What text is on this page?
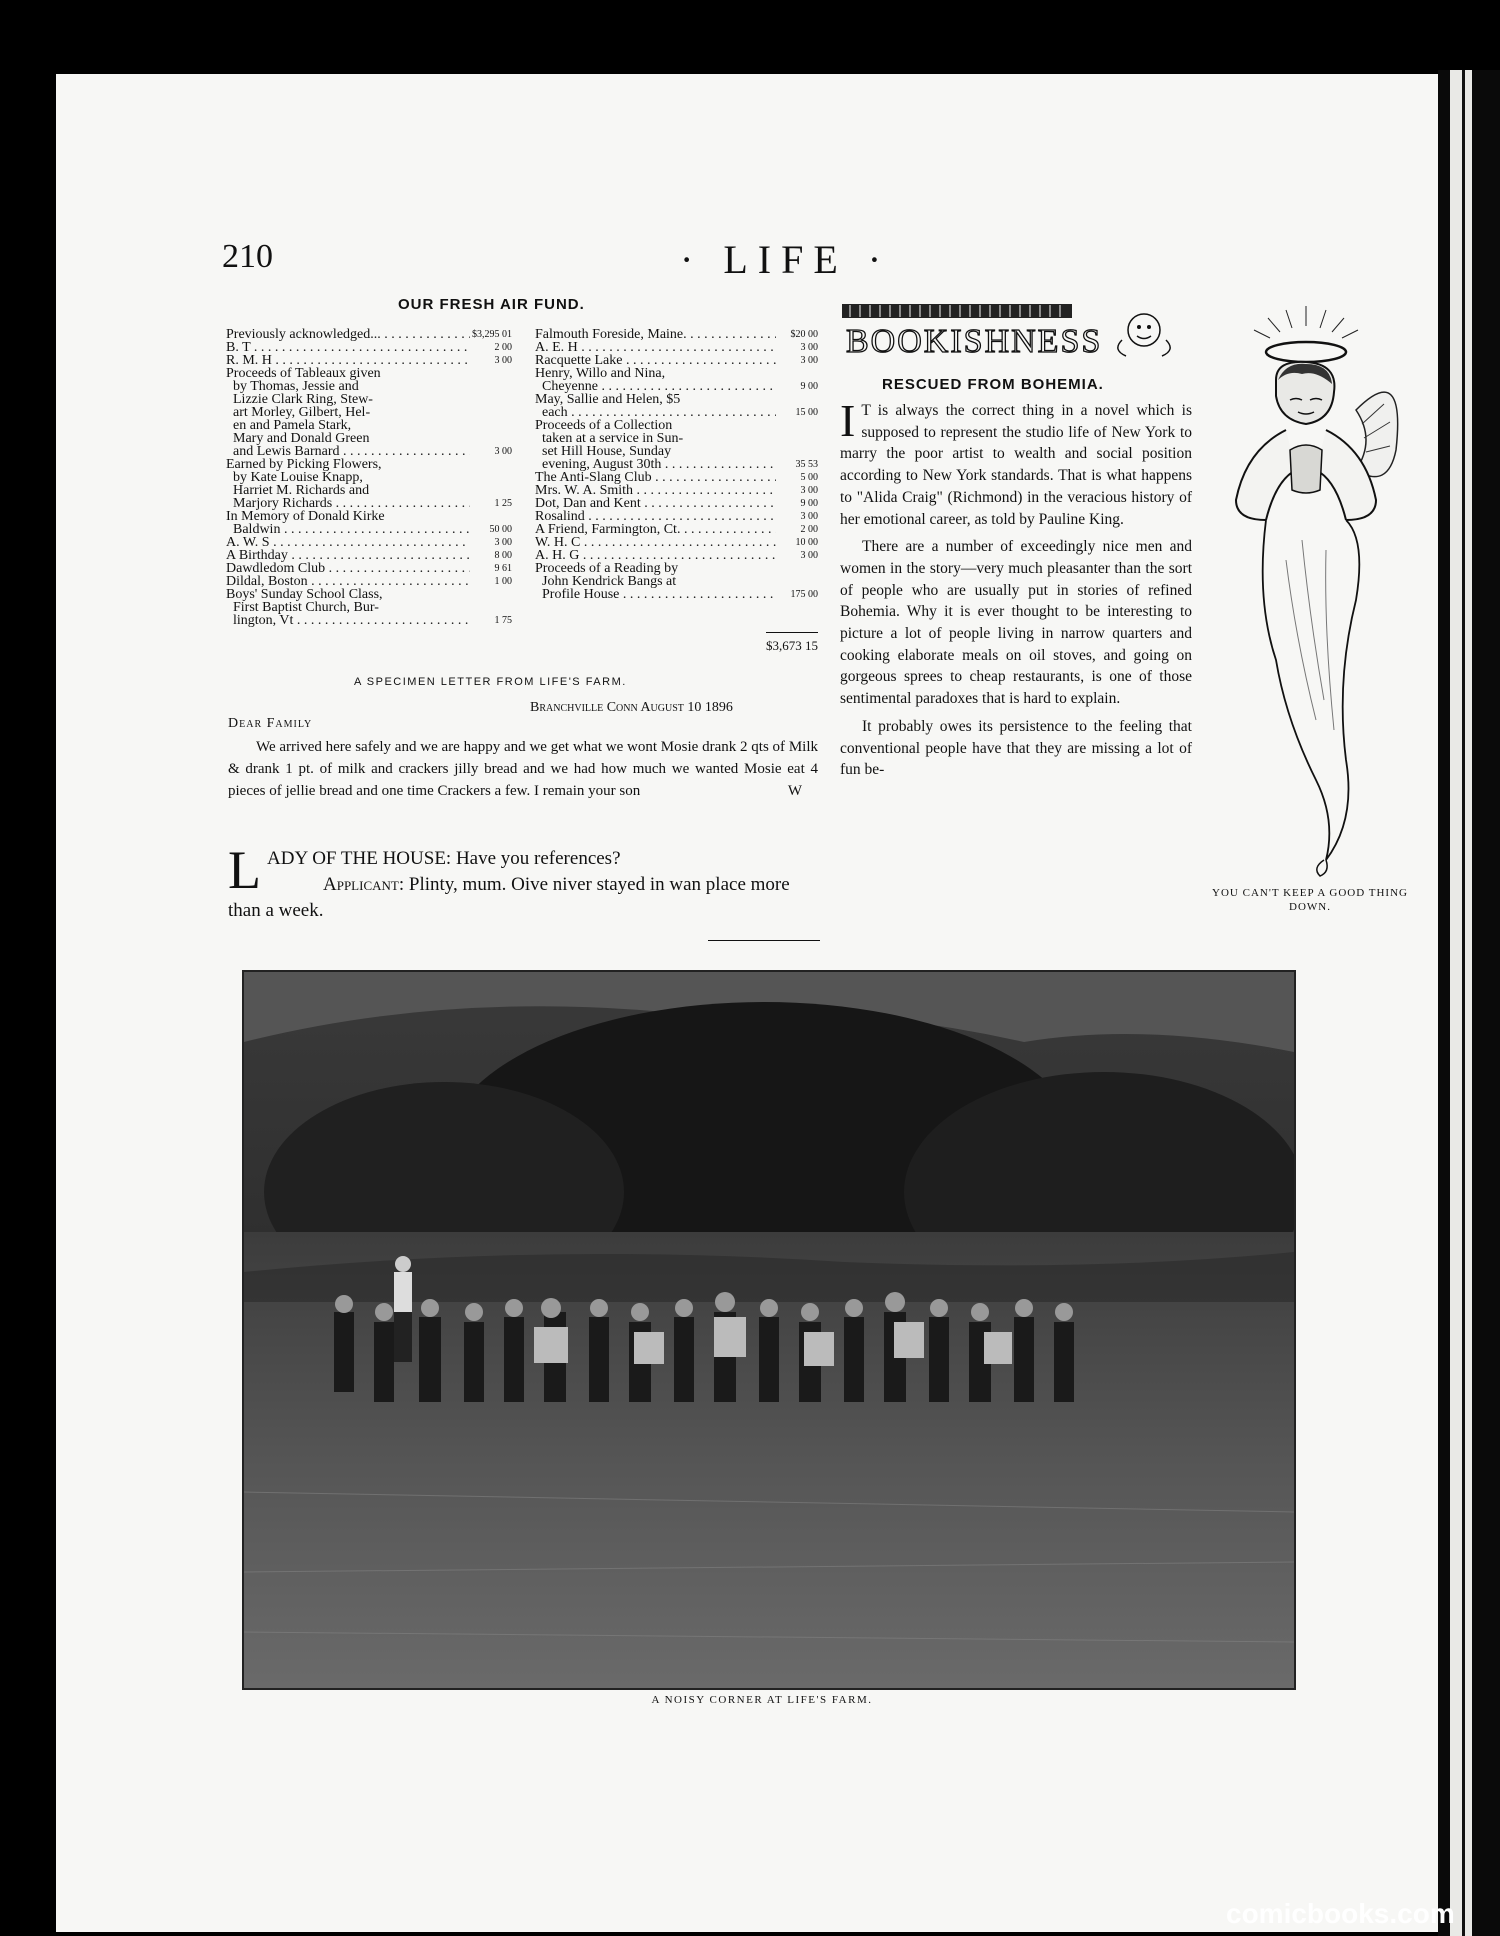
210	· LIFE ·
OUR FRESH AIR FUND.
Previously acknowledged... . . .	$3,295 01
B. T . . .	2 00
R. M. H . . .	3 00
Proceeds of Tableaux given
by Thomas, Jessie and
Lizzie Clark Ring, Stew-
art Morley, Gilbert, Hel-
en and Pamela Stark,
Mary and Donald Green
and Lewis Barnard . . .	3 00
Earned by Picking Flowers,
by Kate Louise Knapp,
Harriet M. Richards and
Marjory Richards . . .	1 25
In Memory of Donald Kirke
Baldwin . . .	50 00
A. W. S . . .	3 00
A Birthday . . .	8 00
Dawdledom Club . . .	9 61
Dildal, Boston . . .	1 00
Boys' Sunday School Class,
First Baptist Church, Bur-
lington, Vt . . .	1 75
Falmouth Foreside, Maine. . . .	$20 00
A. E. H . . .	3 00
Racquette Lake . . .	3 00
Henry, Willo and Nina,
Cheyenne . . .	9 00
May, Sallie and Helen, $5
each . . .	15 00
Proceeds of a Collection
taken at a service in Sun-
set Hill House, Sunday
evening, August 30th . . .	35 53
The Anti-Slang Club . . .	5 00
Mrs. W. A. Smith . . .	3 00
Dot, Dan and Kent . . .	9 00
Rosalind . . .	3 00
A Friend, Farmington, Ct. . . .	2 00
W. H. C . . .	10 00
A. H. G . . .	3 00
Proceeds of a Reading by
John Kendrick Bangs at
Profile House . . .	175 00
$3,673 15
A SPECIMEN LETTER FROM LIFE'S FARM.
Branchville Conn August 10 1896
Dear Family

We arrived here safely and we are happy and we get what we wont Mosie drank 2 qts of Milk & drank 1 pt. of milk and crackers jilly bread and we had how much we wanted Mosie eat 4 pieces of jellie bread and one time Crackers a few. I remain your son	W

LADY OF THE HOUSE: Have you references?

Applicant: Plinty, mum. Oive niver stayed in wan place more than a week.

BOOKISHNESS
RESCUED FROM BOHEMIA.

I T is always the correct thing in a novel which is supposed to represent the studio life of New York to marry the poor artist to wealth and social position according to New York standards. That is what happens to "Alida Craig" (Richmond) in the veracious history of her emotional career, as told by Pauline King.

There are a number of exceedingly nice men and women in the story—very much pleasanter than the sort of people who are usually put in stories of refined Bohemia. Why it is ever thought to be interesting to picture a lot of people living in narrow quarters and cooking elaborate meals on oil stoves, and going on gorgeous sprees to cheap restaurants, is one of those sentimental paradoxes that is hard to explain.

It probably owes its persistence to the feeling that conventional people have that they are missing a lot of fun be-

YOU CAN'T KEEP A GOOD THING DOWN.
A NOISY CORNER AT LIFE'S FARM.
comicbooks.com
